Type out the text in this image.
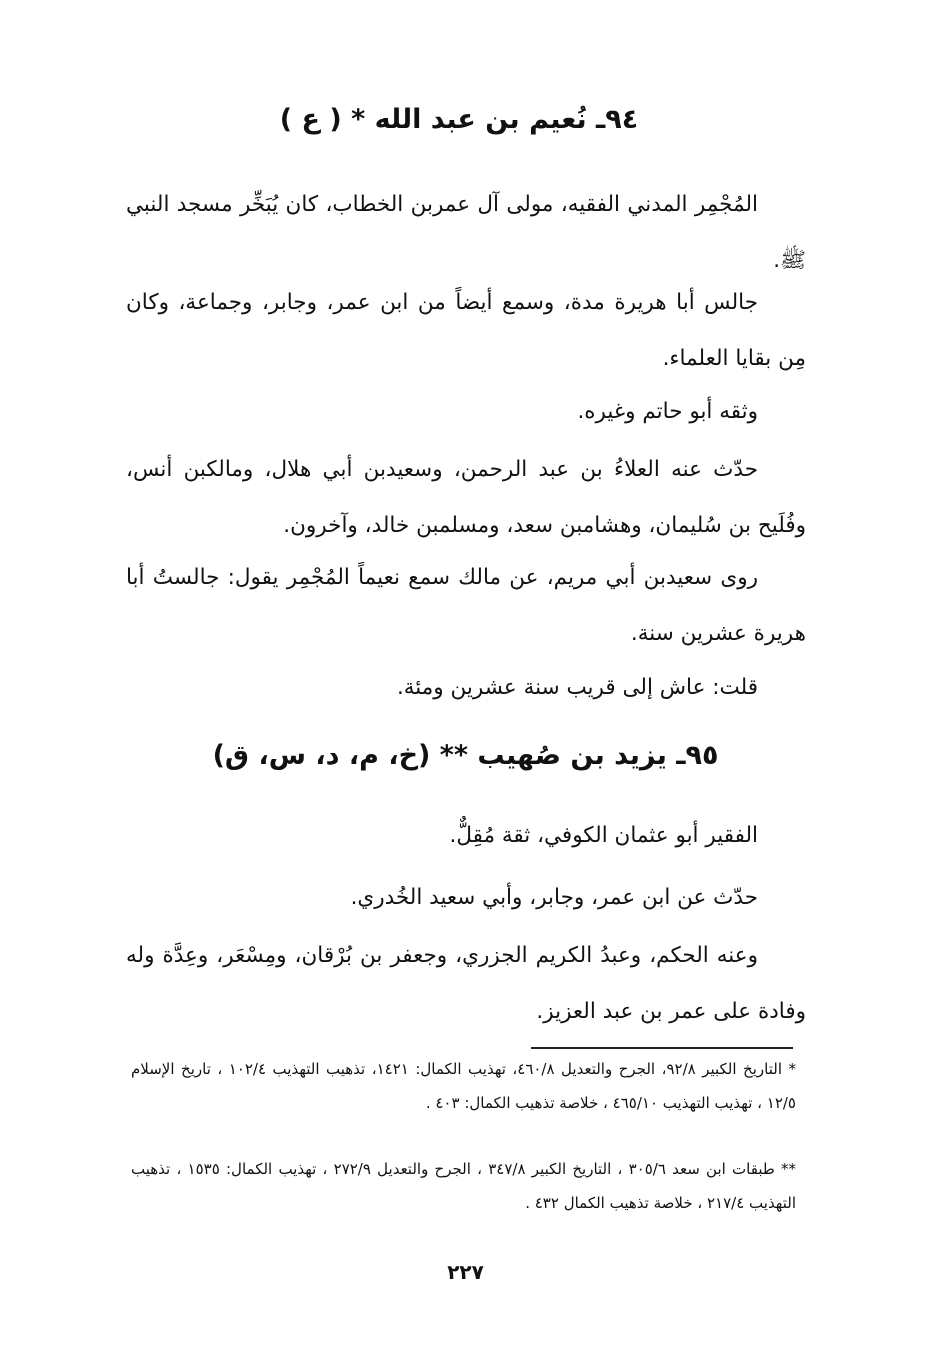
٩٤ـ نُعيم بن عبد الله * ( ع )
المُجْمِر المدني الفقيه، مولى آل عمربن الخطاب، كان يُبَخِّر مسجد النبي ﷺ.
جالس أبا هريرة مدة، وسمع أيضاً من ابن عمر، وجابر، وجماعة، وكان مِن بقايا العلماء.
وثقه أبو حاتم وغيره.
حدّث عنه العلاءُ بن عبد الرحمن، وسعيدبن أبي هلال، ومالكبن أنس، وفُلَيح بن سُليمان، وهشامبن سعد، ومسلمبن خالد، وآخرون.
روى سعيدبن أبي مريم، عن مالك سمع نعيماً المُجْمِر يقول: جالستُ أبا هريرة عشرين سنة.
قلت: عاش إلى قريب سنة عشرين ومئة.
٩٥ـ يزيد بن صُهيب ** (خ، م، د، س، ق)
الفقير أبو عثمان الكوفي، ثقة مُقِلٌّ.
حدّث عن ابن عمر، وجابر، وأبي سعيد الخُدري.
وعنه الحكم، وعبدُ الكريم الجزري، وجعفر بن بُرْقان، ومِسْعَر، وعِدَّة وله وفادة على عمر بن عبد العزيز.
* التاريخ الكبير ٩٢/٨، الجرح والتعديل ٤٦٠/٨، تهذيب الكمال: ١٤٢١، تذهيب التهذيب ١٠٢/٤ ، تاريخ الإسلام ١٢/٥ ، تهذيب التهذيب ٤٦٥/١٠ ، خلاصة تذهيب الكمال: ٤٠٣ .
** طبقات ابن سعد ٣٠٥/٦ ، التاريخ الكبير ٣٤٧/٨ ، الجرح والتعديل ٢٧٢/٩ ، تهذيب الكمال: ١٥٣٥ ، تذهيب التهذيب ٢١٧/٤ ، خلاصة تذهيب الكمال ٤٣٢ .
٢٢٧
